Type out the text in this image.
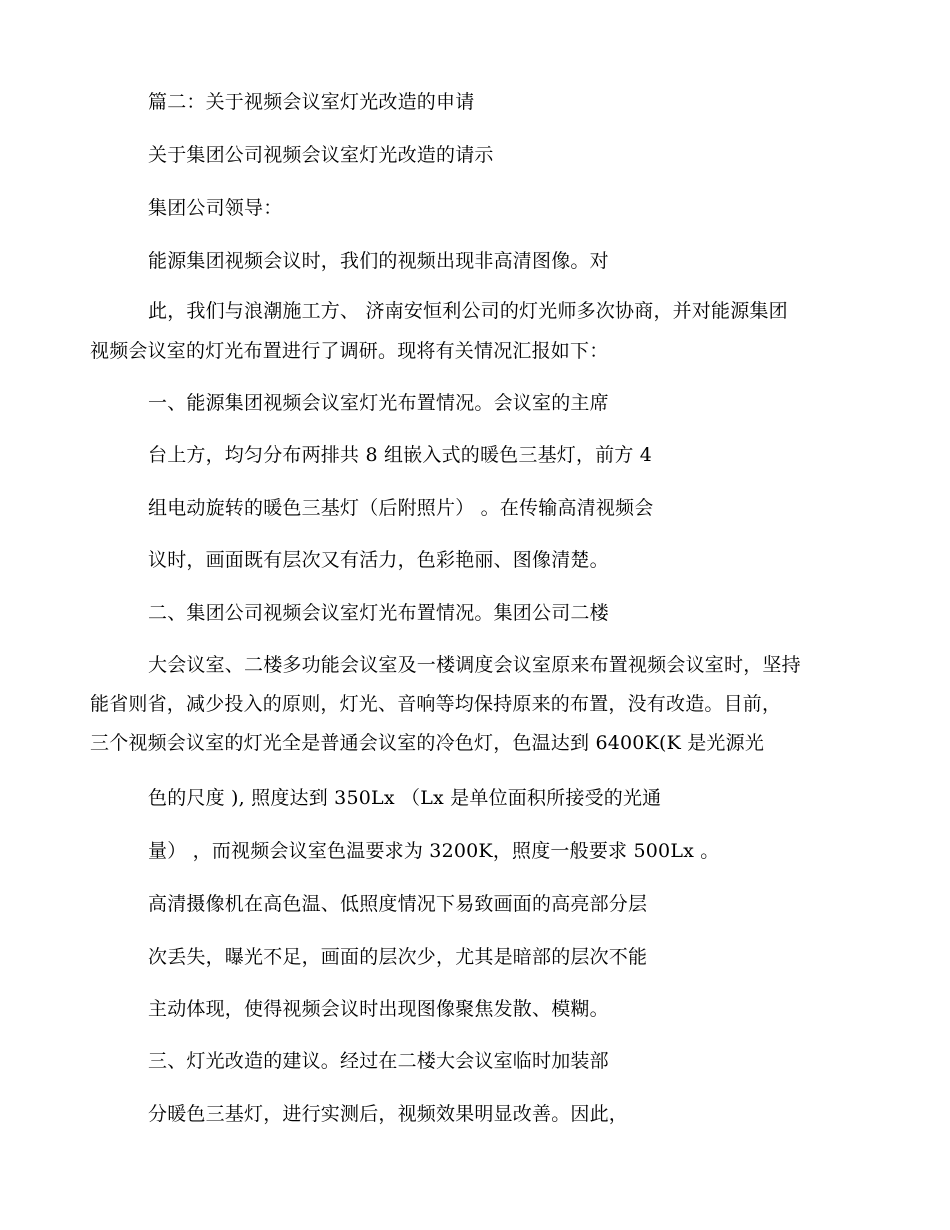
篇二：关于视频会议室灯光改造的申请
关于集团公司视频会议室灯光改造的请示
集团公司领导：
能源集团视频会议时，我们的视频出现非高清图像。对
此，我们与浪潮施工方、 济南安恒利公司的灯光师多次协商，并对能源集团
视频会议室的灯光布置进行了调研。现将有关情况汇报如下：
一、能源集团视频会议室灯光布置情况。会议室的主席
台上方，均匀分布两排共 8 组嵌入式的暖色三基灯，前方 4
组电动旋转的暖色三基灯（后附照片） 。在传输高清视频会
议时，画面既有层次又有活力，色彩艳丽、图像清楚。
二、集团公司视频会议室灯光布置情况。集团公司二楼
大会议室、二楼多功能会议室及一楼调度会议室原来布置视频会议室时，坚持
能省则省，减少投入的原则，灯光、音响等均保持原来的布置，没有改造。目前，
三个视频会议室的灯光全是普通会议室的冷色灯，色温达到 6400K(K 是光源光
色的尺度 ), 照度达到 350Lx （Lx 是单位面积所接受的光通
量） ，而视频会议室色温要求为 3200K，照度一般要求 500Lx 。
高清摄像机在高色温、低照度情况下易致画面的高亮部分层
次丢失，曝光不足，画面的层次少，尤其是暗部的层次不能
主动体现，使得视频会议时出现图像聚焦发散、模糊。
三、灯光改造的建议。经过在二楼大会议室临时加装部
分暖色三基灯，进行实测后，视频效果明显改善。因此，
